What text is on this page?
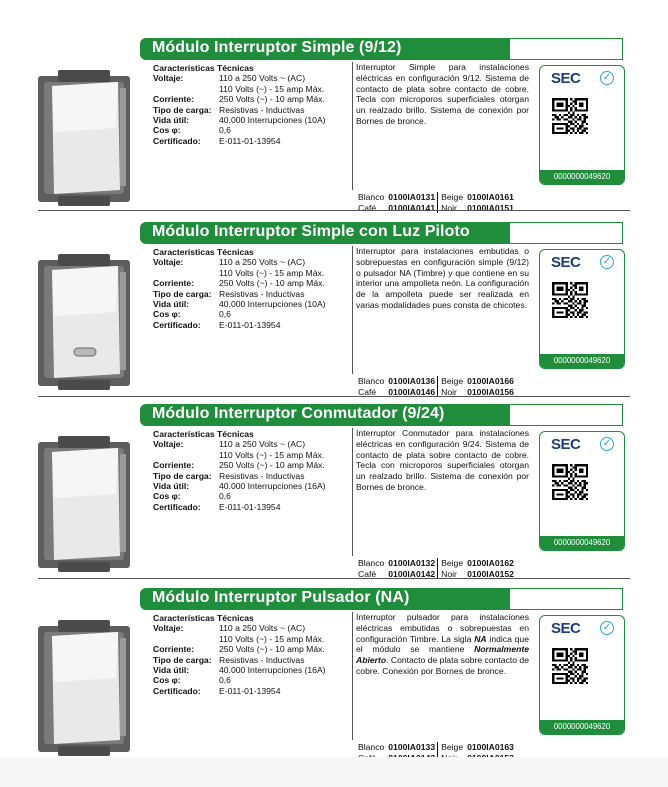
Módulo Interruptor Simple (9/12)
Características Técnicas
Voltaje:	110 a 250 Volts ~ (AC)
110 Volts (~) - 15 amp Máx.
Corriente:	250 Volts (~) - 10 amp Máx.
Tipo de carga: Resistivas - Inductivas
Vida útil:	40.000 Interrupciones (10A)
Cos φ:	0,6
Certificado:	E-011-01-13954
Interruptor Simple para instalaciones eléctricas en configuración 9/12. Sistema de contacto de plata sobre contacto de cobre. Tecla con microporos superficiales otorgan un realzado brillo. Sistema de conexión por Bornes de bronce.
SEC ✓
0000000049620
Blanco	0100IA0131	Beige	0100IA0161
Café	0100IA0141	Noir	0100IA0151
Módulo Interruptor Simple con Luz Piloto
Características Técnicas
Voltaje:	110 a 250 Volts ~ (AC)
110 Volts (~) - 15 amp Máx.
Corriente:	250 Volts (~) - 10 amp Máx.
Tipo de carga: Resistivas - Inductivas
Vida útil:	40.000 Interrupciones (10A)
Cos φ:	0,6
Certificado:	E-011-01-13954
Interruptor para instalaciones embutidas o sobrepuestas en configuración simple (9/12) o pulsador NA (Timbre) y que contiene en su interior una ampolleta neón. La configuración de la ampolleta puede ser realizada en varias modalidades pues consta de chicotes.
SEC ✓
0000000049620
Blanco	0100IA0136	Beige	0100IA0166
Café	0100IA0146	Noir	0100IA0156
Módulo Interruptor Conmutador (9/24)
Características Técnicas
Voltaje:	110 a 250 Volts ~ (AC)
110 Volts (~) - 15 amp Máx.
Corriente:	250 Volts (~) - 10 amp Máx.
Tipo de carga: Resistivas - Inductivas
Vida útil:	40.000 Interrupciones (16A)
Cos φ:	0,6
Certificado:	E-011-01-13954
Interruptor Conmutador para instalaciones eléctricas en configuración 9/24. Sistema de contacto de plata sobre contacto de cobre. Tecla con microporos superficiales otorgan un realzado brillo. Sistema de conexión por Bornes de bronce.
SEC ✓
0000000049620
Blanco	0100IA0132	Beige	0100IA0162
Café	0100IA0142	Noir	0100IA0152
Módulo Interruptor Pulsador (NA)
Características Técnicas
Voltaje:	110 a 250 Volts ~ (AC)
110 Volts (~) - 15 amp Máx.
Corriente:	250 Volts (~) - 10 amp Máx.
Tipo de carga: Resistivas - Inductivas
Vida útil:	40.000 Interrupciones (16A)
Cos φ:	0,6
Certificado:	E-011-01-13954
Interruptor pulsador para instalaciones eléctricas embutidas o sobrepuestas en configuración Timbre. La sigla NA indica que el módulo se mantiene Normalmente Abierto. Contacto de plata sobre contacto de cobre. Conexión por Bornes de bronce.
SEC ✓
0000000049620
Blanco	0100IA0133	Beige	0100IA0163
